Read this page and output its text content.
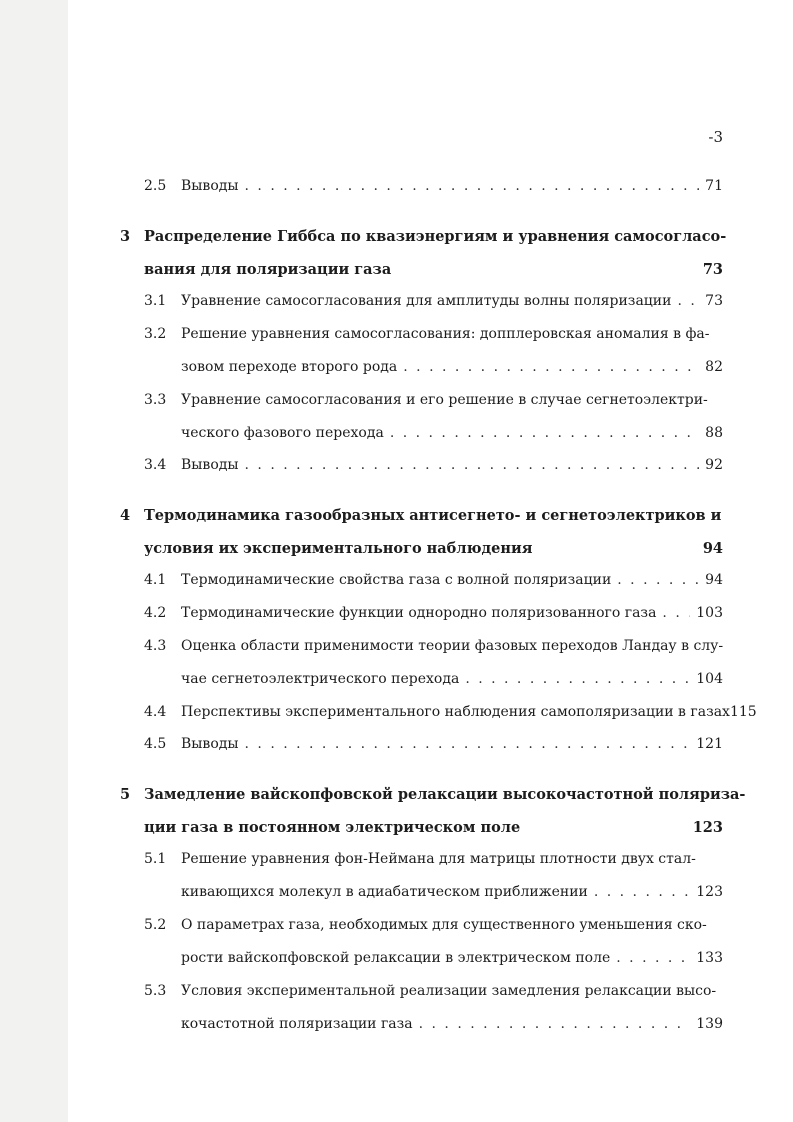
-3
2.5	Выводы . . .	71
3 Распределение Гиббса по квазиэнергиям и уравнения самосогласо-
вания для поляризации газа	73
3.1	Уравнение самосогласования для амплитуды волны поляризации . . . 73
3.2 Решение уравнения самосогласования: допплеровская аномалия в фа-
зовом переходе второго рода . . .	82
3.3 Уравнение самосогласования и его решение в случае сегнетоэлектри-
ческого фазового перехода . . .	88
3.4	Выводы . . .	92
4 Термодинамика газообразных антисегнето- и сегнетоэлектриков и
условия их экспериментального наблюдения	94
4.1	Термодинамические свойства газа с волной поляризации . . .	94
4.2	Термодинамические функции однородно поляризованного газа . . .	103
4.3 Оценка области применимости теории фазовых переходов Ландау в слу-
чае сегнетоэлектрического перехода . . .	104
4.4	Перспективы экспериментального наблюдения самополяризации в газах 115
4.5	Выводы . . .	121
5 Замедление вайскопфовской релаксации высокочастотной поляриза-
ции газа в постоянном электрическом поле	123
5.1 Решение уравнения фон-Неймана для матрицы плотности двух стал-
кивающихся молекул в адиабатическом приближении . . .	123
5.2 О параметрах газа, необходимых для существенного уменьшения ско-
рости вайскопфовской релаксации в электрическом поле . . .	133
5.3 Условия экспериментальной реализации замедления релаксации высо-
кочастотной поляризации газа . . .	139
